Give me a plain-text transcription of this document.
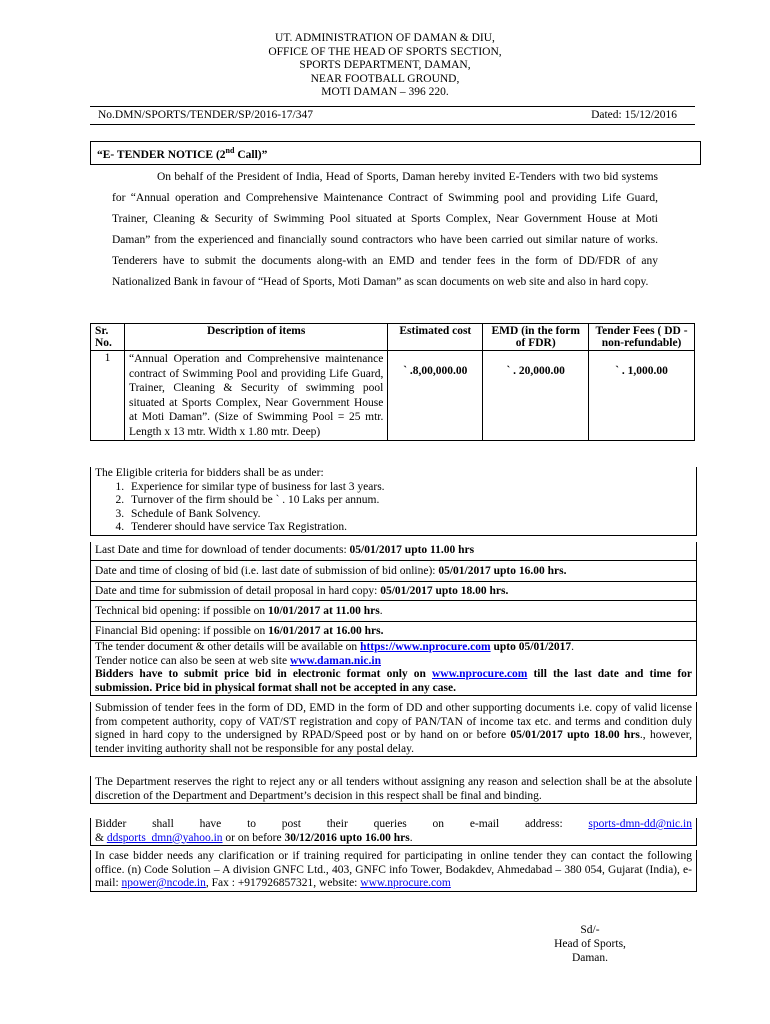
UT. ADMINISTRATION OF DAMAN & DIU,
OFFICE OF THE HEAD OF SPORTS SECTION,
SPORTS DEPARTMENT, DAMAN,
NEAR FOOTBALL GROUND,
MOTI DAMAN – 396 220.
No.DMN/SPORTS/TENDER/SP/2016-17/347	Dated: 15/12/2016
“E- TENDER NOTICE (2nd Call)”

On behalf of the President of India, Head of Sports, Daman hereby invited E-Tenders with two bid systems for “Annual operation and Comprehensive Maintenance Contract of Swimming pool and providing Life Guard, Trainer, Cleaning & Security of Swimming Pool situated at Sports Complex, Near Government House at Moti Daman” from the experienced and financially sound contractors who have been carried out similar nature of works. Tenderers have to submit the documents along-with an EMD and tender fees in the form of DD/FDR of any Nationalized Bank in favour of “Head of Sports, Moti Daman” as scan documents on web site and also in hard copy.

Sr. No.	Description of items	Estimated cost	EMD (in the form of FDR)	Tender Fees ( DD - non-refundable)
1	“Annual Operation and Comprehensive maintenance contract of Swimming Pool and providing Life Guard, Trainer, Cleaning & Security of swimming pool situated at Sports Complex, Near Government House at Moti Daman”. (Size of Swimming Pool = 25 mtr. Length x 13 mtr. Width x 1.80 mtr. Deep)	` .8,00,000.00	` . 20,000.00	` . 1,000.00
The Eligible criteria for bidders shall be as under:
1. Experience for similar type of business for last 3 years.
2. Turnover of the firm should be ` . 10 Laks per annum.
3. Schedule of Bank Solvency.
4. Tenderer should have service Tax Registration.
Last Date and time for download of tender documents: 05/01/2017 upto 11.00 hrs
Date and time of closing of bid (i.e. last date of submission of bid online): 05/01/2017 upto 16.00 hrs.
Date and time for submission of detail proposal in hard copy: 05/01/2017 upto 18.00 hrs.
Technical bid opening: if possible on 10/01/2017 at 11.00 hrs.
Financial Bid opening: if possible on 16/01/2017 at 16.00 hrs.
The tender document & other details will be available on https://www.nprocure.com upto 05/01/2017.
Tender notice can also be seen at web site www.daman.nic.in
Bidders have to submit price bid in electronic format only on www.nprocure.com till the last date and time for submission. Price bid in physical format shall not be accepted in any case.
Submission of tender fees in the form of DD, EMD in the form of DD and other supporting documents i.e. copy of valid license from competent authority, copy of VAT/ST registration and copy of PAN/TAN of income tax etc. and terms and condition duly signed in hard copy to the undersigned by RPAD/Speed post or by hand on or before 05/01/2017 upto 18.00 hrs., however, tender inviting authority shall not be responsible for any postal delay.
The Department reserves the right to reject any or all tenders without assigning any reason and selection shall be at the absolute discretion of the Department and Department’s decision in this respect shall be final and binding.
Bidder shall have to post their queries on e-mail address: sports-dmn-dd@nic.in
& ddsports_dmn@yahoo.in or on before 30/12/2016 upto 16.00 hrs.
In case bidder needs any clarification or if training required for participating in online tender they can contact the following office. (n) Code Solution – A division GNFC Ltd., 403, GNFC info Tower, Bodakdev, Ahmedabad – 380 054, Gujarat (India), e-mail: npower@ncode.in, Fax : +917926857321, website: www.nprocure.com
Sd/-
Head of Sports,
Daman.
